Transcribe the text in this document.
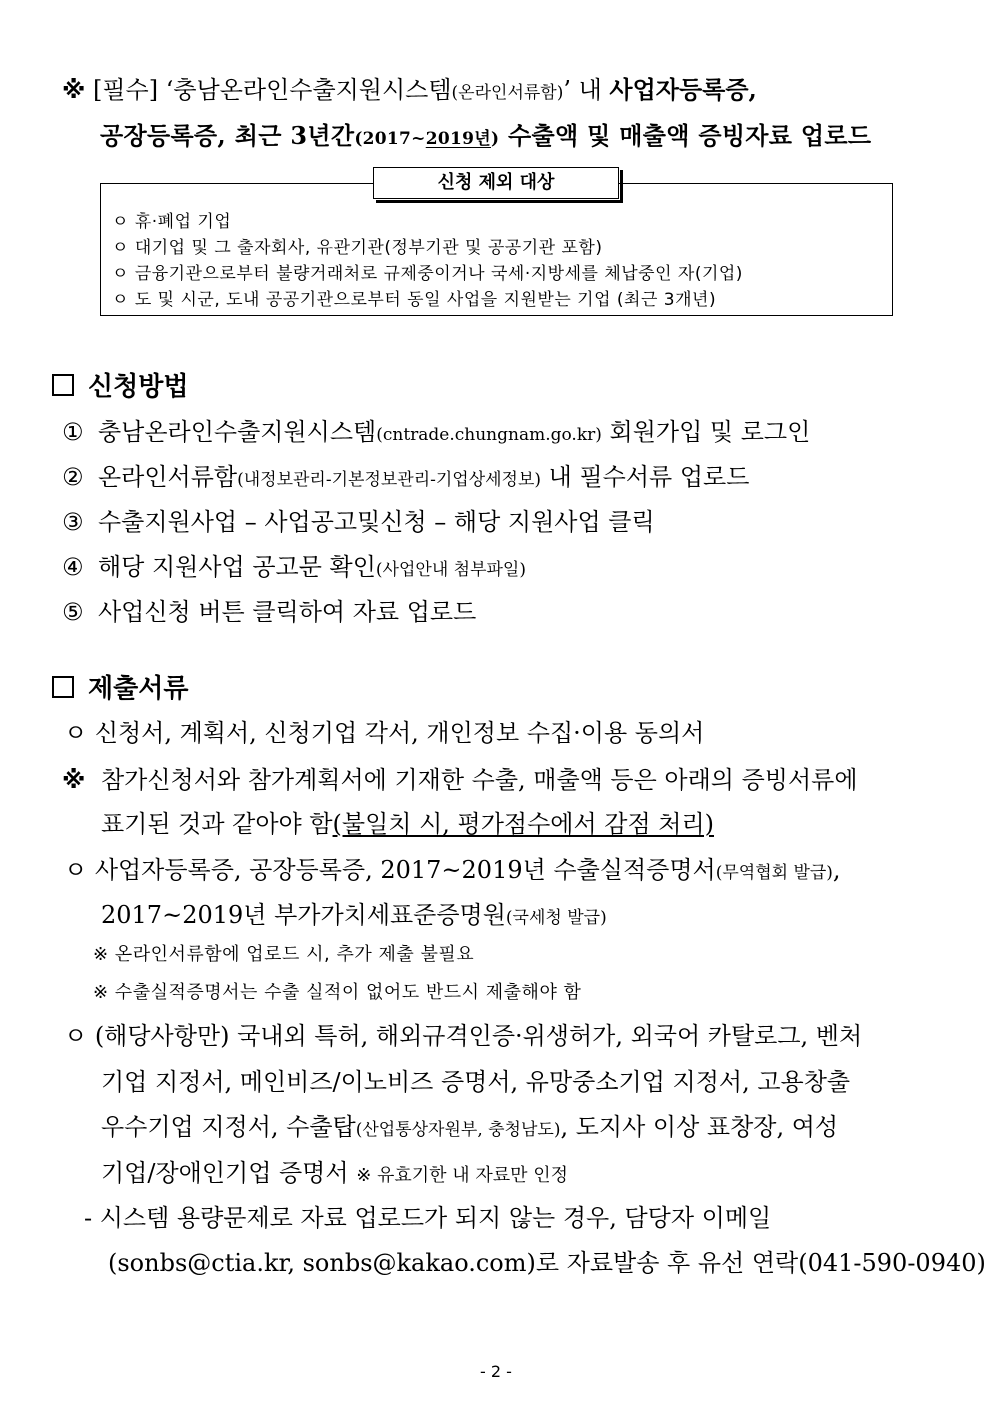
※ [필수] ‘충남온라인수출지원시스템(온라인서류함)’ 내 사업자등록증,
공장등록증, 최근 3년간(2017~2019년) 수출액 및 매출액 증빙자료 업로드
신청 제외 대상
ㅇ 휴·폐업 기업
ㅇ 대기업 및 그 출자회사, 유관기관(정부기관 및 공공기관 포함)
ㅇ 금융기관으로부터 불량거래처로 규제중이거나 국세·지방세를 체납중인 자(기업)
ㅇ 도 및 시군, 도내 공공기관으로부터 동일 사업을 지원받는 기업 (최근 3개년)
신청방법
① 충남온라인수출지원시스템(cntrade.chungnam.go.kr) 회원가입 및 로그인
② 온라인서류함(내정보관리-기본정보관리-기업상세정보) 내 필수서류 업로드
③ 수출지원사업 – 사업공고및신청 – 해당 지원사업 클릭
④ 해당 지원사업 공고문 확인(사업안내 첨부파일)
⑤ 사업신청 버튼 클릭하여 자료 업로드
제출서류
ㅇ 신청서, 계획서, 신청기업 각서, 개인정보 수집·이용 동의서
※ 참가신청서와 참가계획서에 기재한 수출, 매출액 등은 아래의 증빙서류에
표기된 것과 같아야 함(불일치 시, 평가점수에서 감점 처리)
ㅇ 사업자등록증, 공장등록증, 2017~2019년 수출실적증명서(무역협회 발급),
2017~2019년 부가가치세표준증명원(국세청 발급)
※ 온라인서류함에 업로드 시, 추가 제출 불필요
※ 수출실적증명서는 수출 실적이 없어도 반드시 제출해야 함
ㅇ (해당사항만) 국내외 특허, 해외규격인증·위생허가, 외국어 카탈로그, 벤처
기업 지정서, 메인비즈/이노비즈 증명서, 유망중소기업 지정서, 고용창출
우수기업 지정서, 수출탑(산업통상자원부, 충청남도), 도지사 이상 표창장, 여성
기업/장애인기업 증명서 ※ 유효기한 내 자료만 인정
- 시스템 용량문제로 자료 업로드가 되지 않는 경우, 담당자 이메일
(sonbs@ctia.kr, sonbs@kakao.com)로 자료발송 후 유선 연락(041-590-0940)
- 2 -
